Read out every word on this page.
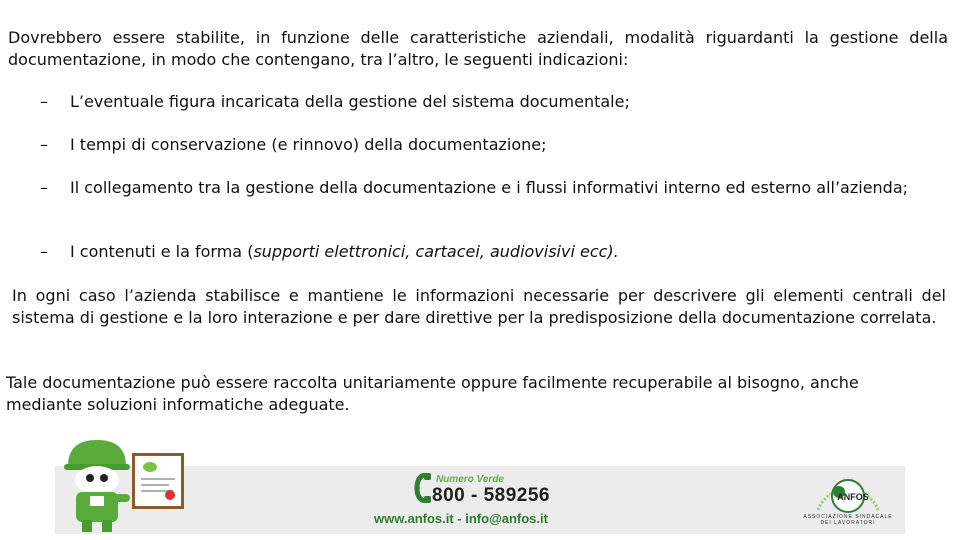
Dovrebbero essere stabilite, in funzione delle caratteristiche aziendali, modalità riguardanti la gestione della documentazione, in modo che contengano, tra l’altro, le seguenti indicazioni:
–	L’eventuale figura incaricata della gestione del sistema documentale;
–	I tempi di conservazione (e rinnovo) della documentazione;
–	Il collegamento tra la gestione della documentazione e i flussi informativi interno ed esterno all’azienda;
–	I contenuti e la forma (supporti elettronici, cartacei, audiovisivi ecc).
In ogni caso l’azienda stabilisce e mantiene le informazioni necessarie per descrivere gli elementi centrali del sistema di gestione e la loro interazione e per dare direttive per la predisposizione della documentazione correlata.
Tale documentazione può essere raccolta unitariamente oppure facilmente recuperabile al bisogno, anche mediante soluzioni informatiche adeguate.
Numero Verde
800 - 589256
www.anfos.it - info@anfos.it
ANFOS
ASSOCIAZIONE SINDACALE DEI LAVORATORI
